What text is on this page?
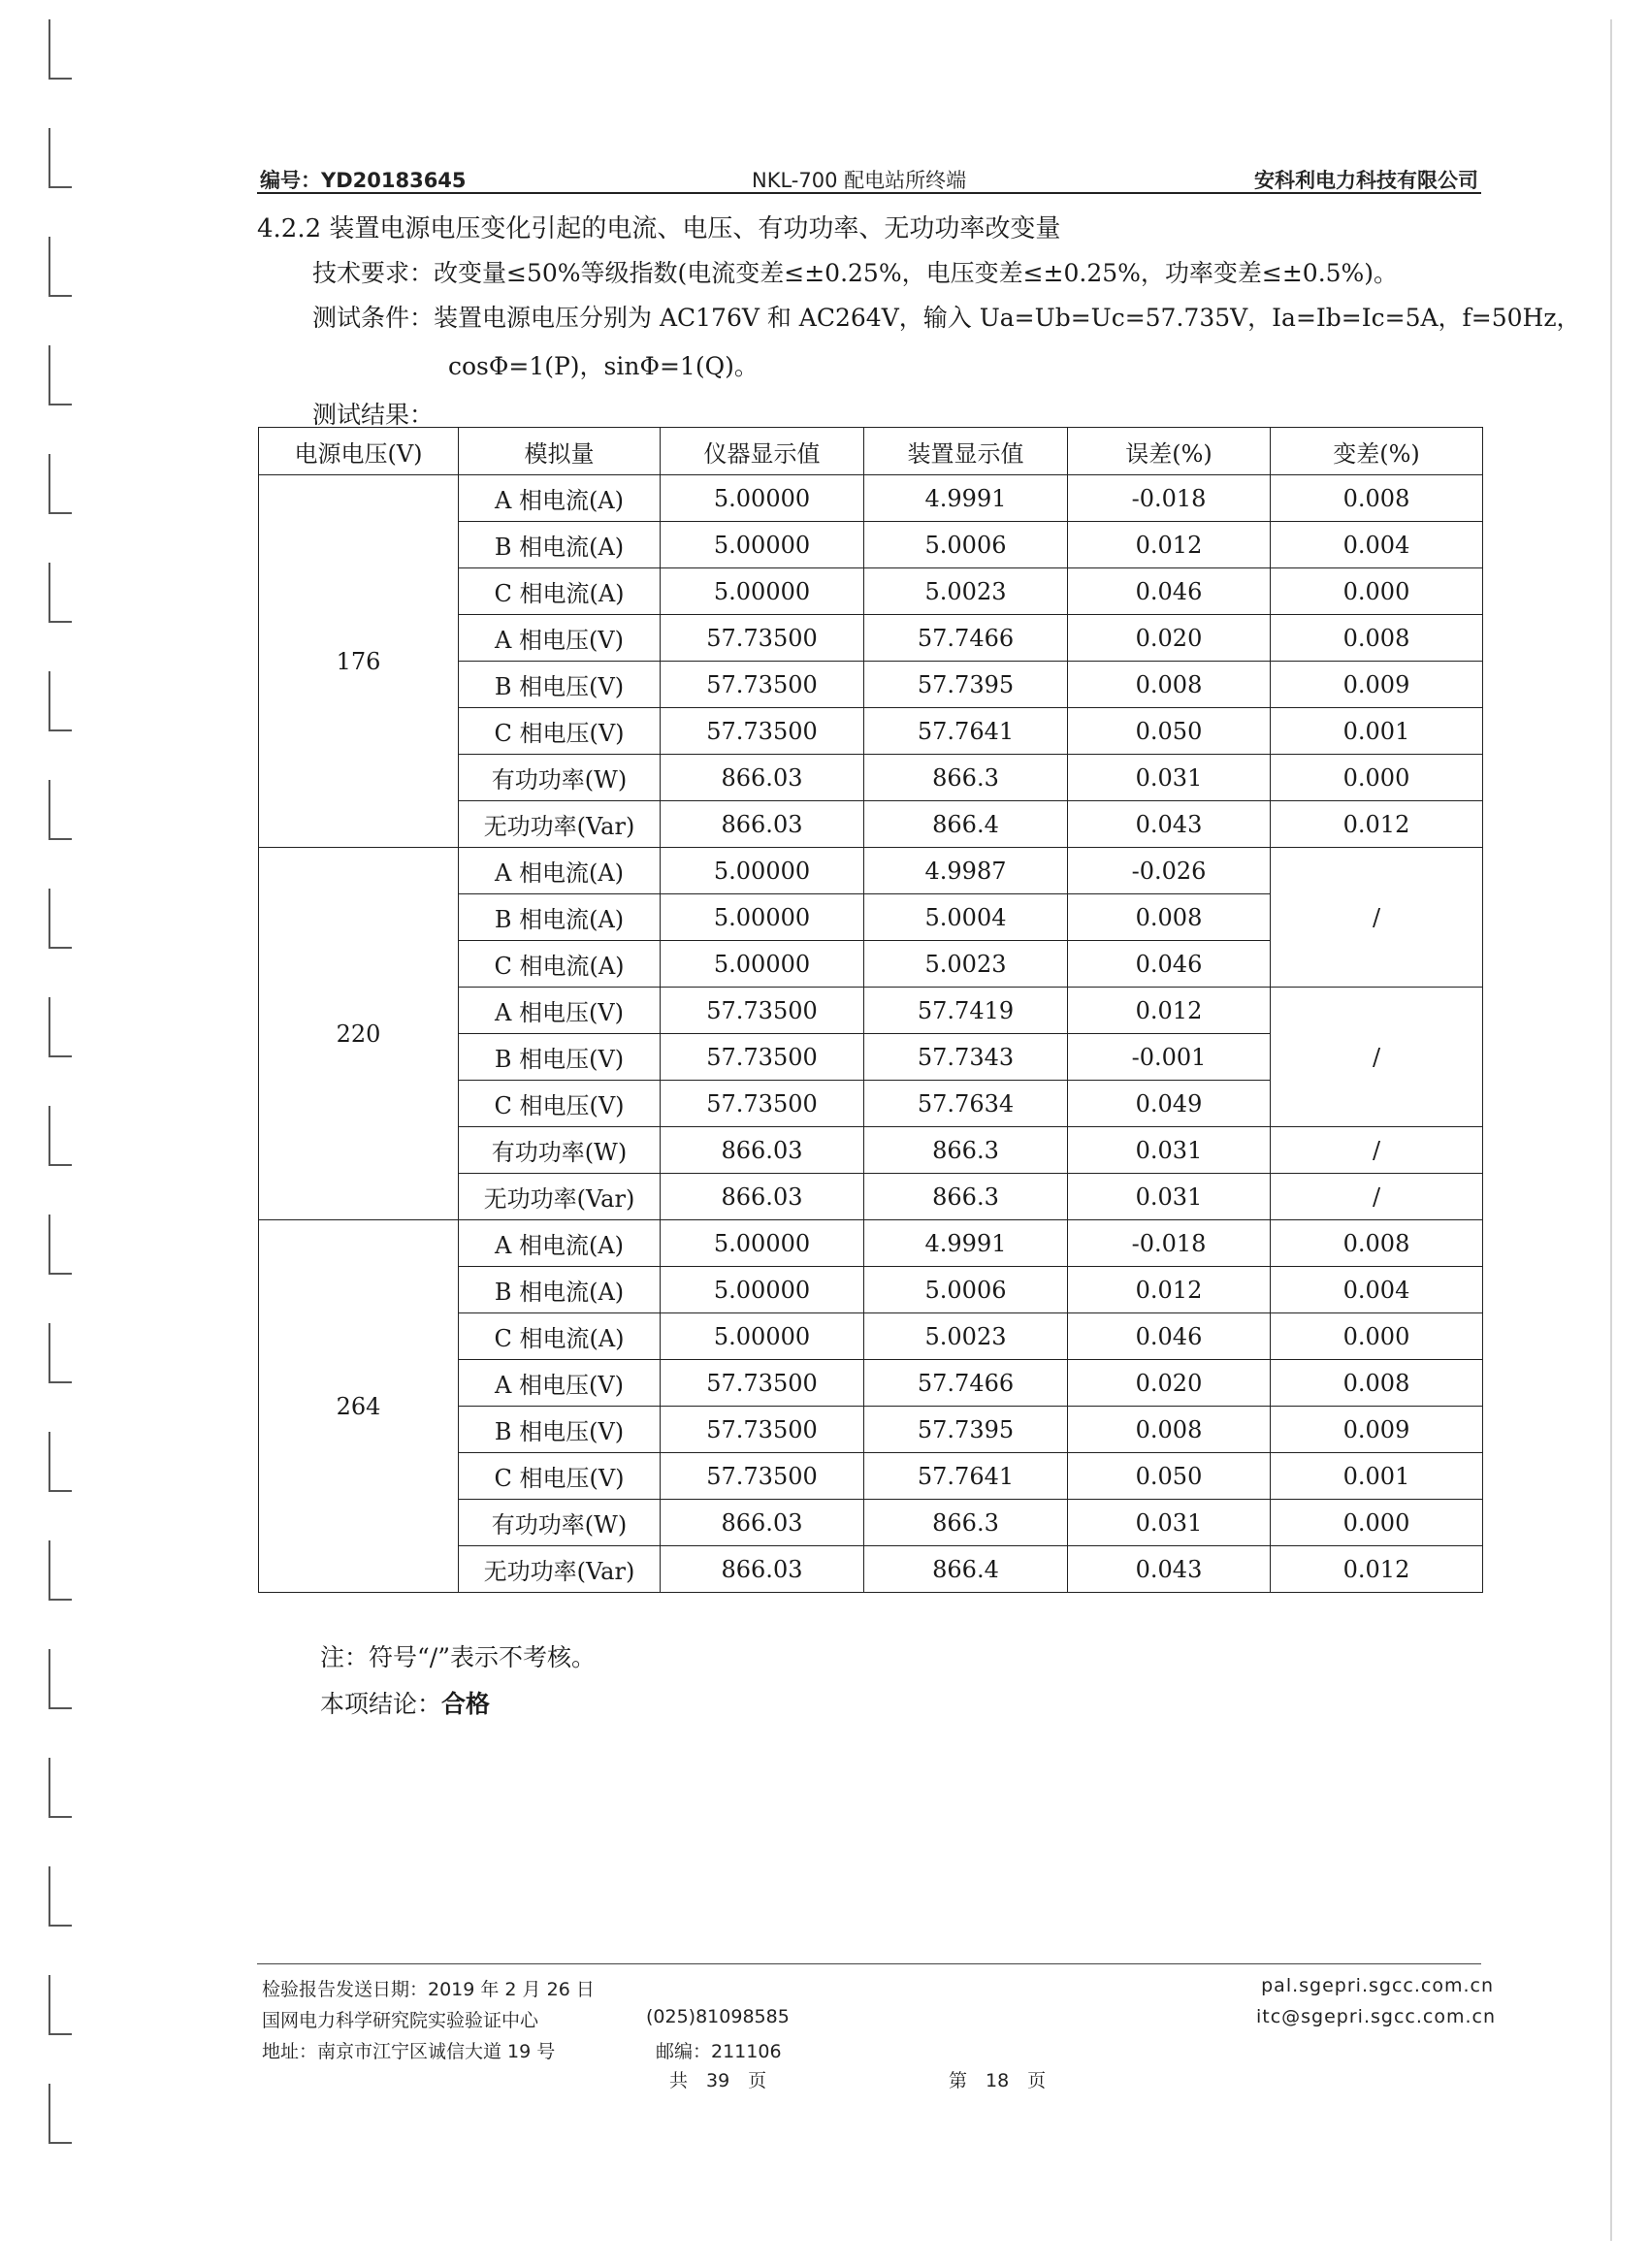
编号：YD20183645	NKL-700 配电站所终端	安科利电力科技有限公司
4.2.2 装置电源电压变化引起的电流、电压、有功功率、无功功率改变量
技术要求：改变量≤50%等级指数(电流变差≤±0.25%，电压变差≤±0.25%，功率变差≤±0.5%)。
测试条件：装置电源电压分别为 AC176V 和 AC264V，输入 Ua=Ub=Uc=57.735V，Ia=Ib=Ic=5A，f=50Hz，
cosΦ=1(P)，sinΦ=1(Q)。
测试结果：
电源电压(V)	模拟量	仪器显示值	装置显示值	误差(%)	变差(%)
176	A 相电流(A)	5.00000	4.9991	-0.018	0.008
	B 相电流(A)	5.00000	5.0006	0.012	0.004
	C 相电流(A)	5.00000	5.0023	0.046	0.000
	A 相电压(V)	57.73500	57.7466	0.020	0.008
	B 相电压(V)	57.73500	57.7395	0.008	0.009
	C 相电压(V)	57.73500	57.7641	0.050	0.001
	有功功率(W)	866.03	866.3	0.031	0.000
	无功功率(Var)	866.03	866.4	0.043	0.012
220	A 相电流(A)	5.00000	4.9987	-0.026	/
	B 相电流(A)	5.00000	5.0004	0.008	
	C 相电流(A)	5.00000	5.0023	0.046	
	A 相电压(V)	57.73500	57.7419	0.012	/
	B 相电压(V)	57.73500	57.7343	-0.001	
	C 相电压(V)	57.73500	57.7634	0.049	
	有功功率(W)	866.03	866.3	0.031	/
	无功功率(Var)	866.03	866.3	0.031	/
264	A 相电流(A)	5.00000	4.9991	-0.018	0.008
	B 相电流(A)	5.00000	5.0006	0.012	0.004
	C 相电流(A)	5.00000	5.0023	0.046	0.000
	A 相电压(V)	57.73500	57.7466	0.020	0.008
	B 相电压(V)	57.73500	57.7395	0.008	0.009
	C 相电压(V)	57.73500	57.7641	0.050	0.001
	有功功率(W)	866.03	866.3	0.031	0.000
	无功功率(Var)	866.03	866.4	0.043	0.012
注：符号“/”表示不考核。
本项结论：合格
检验报告发送日期：2019 年 2 月 26 日
国网电力科学研究院实验验证中心	(025)81098585
地址：南京市江宁区诚信大道 19 号	邮编：211106
pal.sgepri.sgcc.com.cn
itc@sgepri.sgcc.com.cn
共　39　页	第　18　页
